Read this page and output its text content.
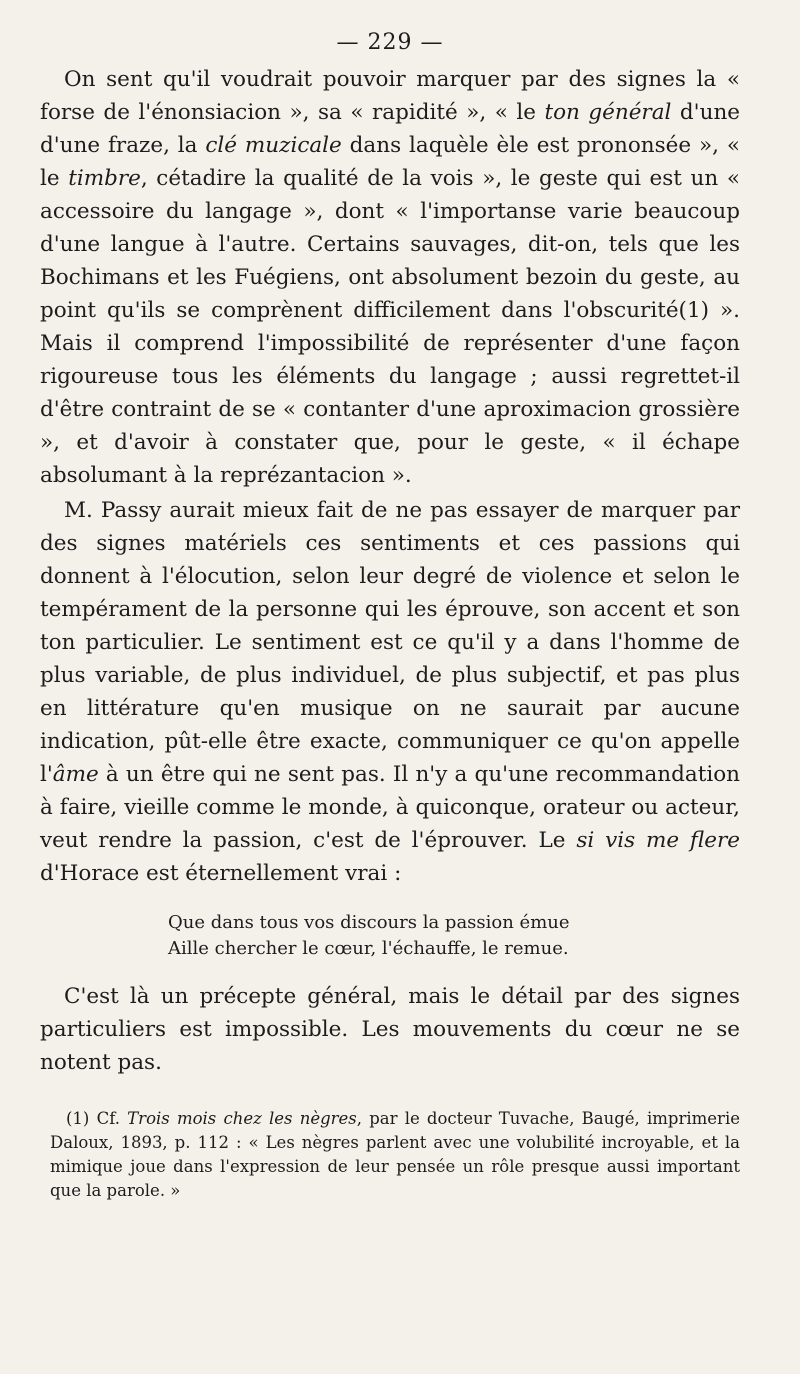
— 229 —

On sent qu'il voudrait pouvoir marquer par des signes la « forse de l'énonsiacion », sa « rapidité », « le ton général d'une d'une fraze, la clé muzicale dans laquèle èle est prononsée », « le timbre, cétadire la qualité de la vois », le geste qui est un « accessoire du langage », dont « l'importanse varie beaucoup d'une langue à l'autre. Certains sauvages, dit-on, tels que les Bochimans et les Fuégiens, ont absolument bezoin du geste, au point qu'ils se comprènent difficilement dans l'obscurité(1) ». Mais il comprend l'impossibilité de représenter d'une façon rigoureuse tous les éléments du langage ; aussi regrettet-il d'être contraint de se « contanter d'une aproximacion grossière », et d'avoir à constater que, pour le geste, « il échape absolumant à la reprézantacion ».

M. Passy aurait mieux fait de ne pas essayer de marquer par des signes matériels ces sentiments et ces passions qui donnent à l'élocution, selon leur degré de violence et selon le tempérament de la personne qui les éprouve, son accent et son ton particulier. Le sentiment est ce qu'il y a dans l'homme de plus variable, de plus individuel, de plus subjectif, et pas plus en littérature qu'en musique on ne saurait par aucune indication, pût-elle être exacte, communiquer ce qu'on appelle l'âme à un être qui ne sent pas. Il n'y a qu'une recommandation à faire, vieille comme le monde, à quiconque, orateur ou acteur, veut rendre la passion, c'est de l'éprouver. Le si vis me flere d'Horace est éternellement vrai :

Que dans tous vos discours la passion émue
Aille chercher le cœur, l'échauffe, le remue.

C'est là un précepte général, mais le détail par des signes particuliers est impossible. Les mouvements du cœur ne se notent pas.

(1) Cf. Trois mois chez les nègres, par le docteur Tuvache, Baugé, imprimerie Daloux, 1893, p. 112 : « Les nègres parlent avec une volubilité incroyable, et la mimique joue dans l'expression de leur pensée un rôle presque aussi important que la parole. »
